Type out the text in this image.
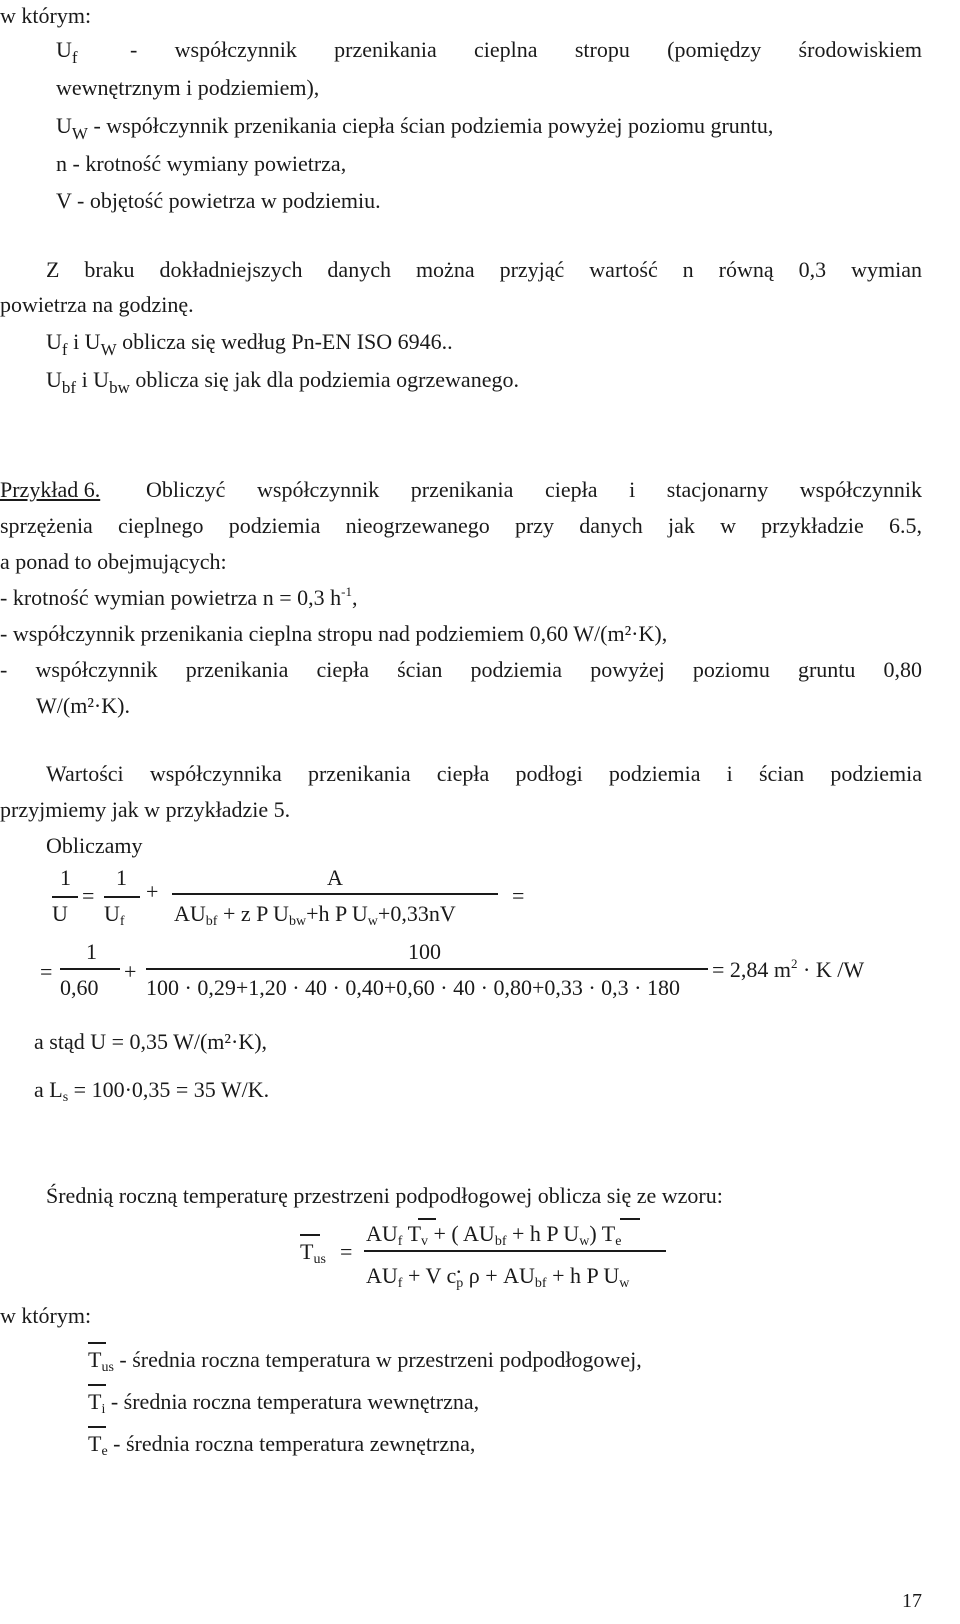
w którym:
$U_f$ - współczynnik przenikania cieplna stropu (pomiędzy środowiskiem
wewnętrznym i podziemiem),
$U_W$ - współczynnik przenikania ciepła ścian podziemia powyżej poziomu gruntu,
n - krotność wymiany powietrza,
V - objętość powietrza w podziemiu.
Z braku dokładniejszych danych można przyjąć wartość n równą 0,3 wymian
powietrza na godzinę.
$U_f$ i $U_W$ oblicza się według Pn-EN ISO 6946..
$U_{bf}$ i $U_{bw}$ oblicza się jak dla podziemia ogrzewanego.
Przykład 6. Obliczyć współczynnik przenikania ciepła i stacjonarny współczynnik
sprzężenia cieplnego podziemia nieogrzewanego przy danych jak w przykładzie 6.5,
a ponad to obejmujących:
- krotność wymian powietrza n = 0,3 $h^{-1}$,
- współczynnik przenikania cieplna stropu nad podziemiem 0,60 W/(m²·K),
- współczynnik przenikania ciepła ścian podziemia powyżej poziomu gruntu 0,80
W/(m²·K).
Wartości współczynnika przenikania ciepła podłogi podziemia i ścian podziemia
przyjmiemy jak w przykładzie 5.
Obliczamy
1
U
=
1
Uf
+
A
AUbf + z P Ubw+h P Uw+0,33nV
=
=
1
0,60
+
100
100 · 0,29+1,20 · 40 · 0,40+0,60 · 40 · 0,80+0,33 · 0,3 · 180
= 2,84 $m^2 \cdot K$ /W
a stąd U = 0,35 W/(m²·K),
a Ls = 100·0,35 = 35 W/K.
Średnią roczną temperaturę przestrzeni podpodłogowej oblicza się ze wzoru:
Tus =
AUf Tv + ( AUbf + h P Uw) Te
.
AUf + V cp ρ + AUbf + h P Uw
w którym:
Tus - średnia roczna temperatura w przestrzeni podpodłogowej,
Ti - średnia roczna temperatura wewnętrzna,
Te - średnia roczna temperatura zewnętrzna,
17
